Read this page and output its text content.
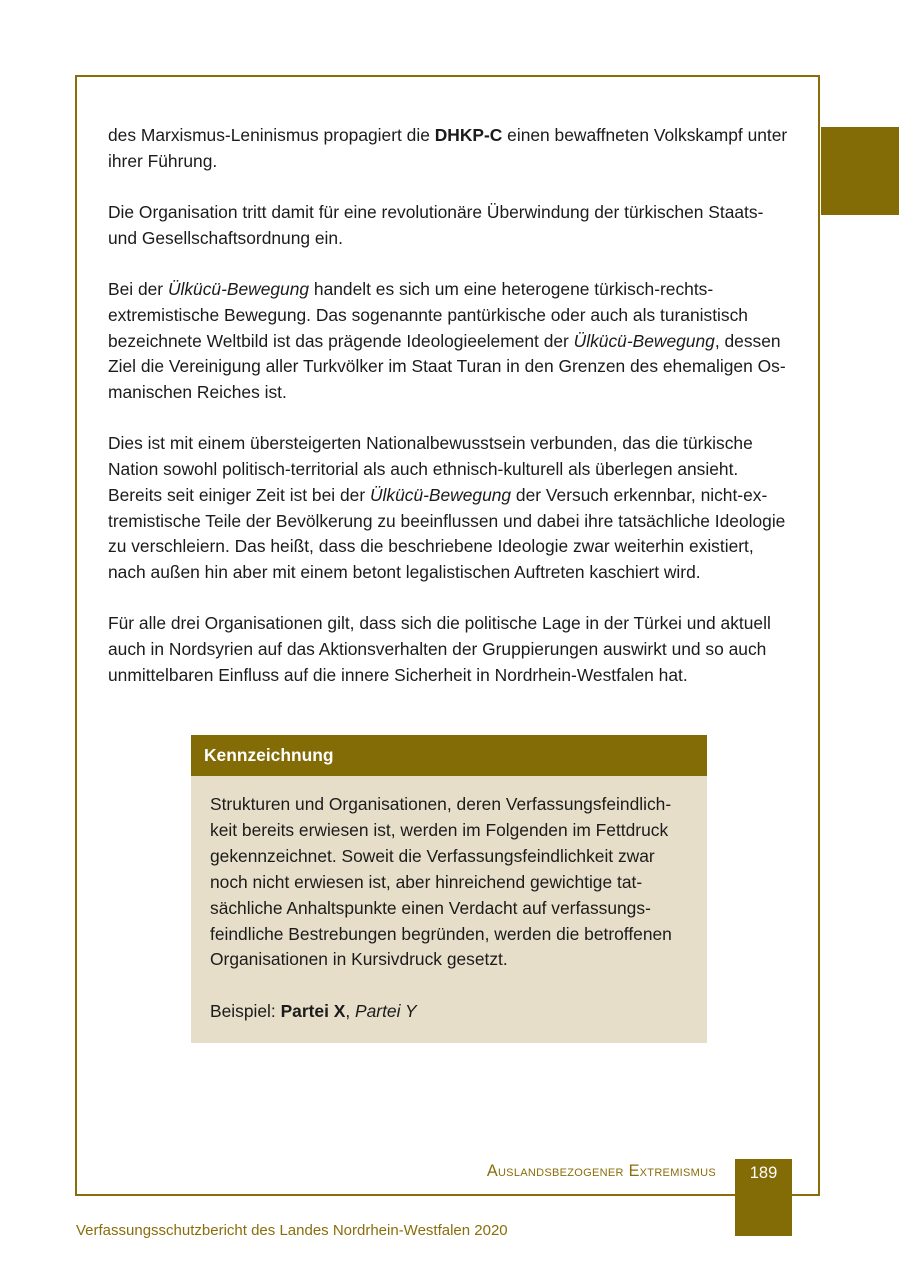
des Marxismus-Leninismus propagiert die DHKP-C einen bewaffneten Volkskampf unter ihrer Führung.

Die Organisation tritt damit für eine revolutionäre Überwindung der türkischen Staats- und Gesellschaftsordnung ein.

Bei der Ülkücü-Bewegung handelt es sich um eine heterogene türkisch-rechtsextremistische Bewegung. Das sogenannte pantürkische oder auch als turanistisch bezeichnete Weltbild ist das prägende Ideologieelement der Ülkücü-Bewegung, dessen Ziel die Vereinigung aller Turkvölker im Staat Turan in den Grenzen des ehemaligen Osmanischen Reiches ist.

Dies ist mit einem übersteigerten Nationalbewusstsein verbunden, das die türkische Nation sowohl politisch-territorial als auch ethnisch-kulturell als überlegen ansieht. Bereits seit einiger Zeit ist bei der Ülkücü-Bewegung der Versuch erkennbar, nicht-extremistische Teile der Bevölkerung zu beeinflussen und dabei ihre tatsächliche Ideologie zu verschleiern. Das heißt, dass die beschriebene Ideologie zwar weiterhin existiert, nach außen hin aber mit einem betont legalistischen Auftreten kaschiert wird.

Für alle drei Organisationen gilt, dass sich die politische Lage in der Türkei und aktuell auch in Nordsyrien auf das Aktionsverhalten der Gruppierungen auswirkt und so auch unmittelbaren Einfluss auf die innere Sicherheit in Nordrhein-Westfalen hat.

Kennzeichnung

Strukturen und Organisationen, deren Verfassungsfeindlichkeit bereits erwiesen ist, werden im Folgenden im Fettdruck gekennzeichnet. Soweit die Verfassungsfeindlichkeit zwar noch nicht erwiesen ist, aber hinreichend gewichtige tatsächliche Anhaltspunkte einen Verdacht auf verfassungsfeindliche Bestrebungen begründen, werden die betroffenen Organisationen in Kursivdruck gesetzt.

Beispiel: Partei X, Partei Y

Auslandsbezogener Extremismus	189
Verfassungsschutzbericht des Landes Nordrhein-Westfalen 2020
